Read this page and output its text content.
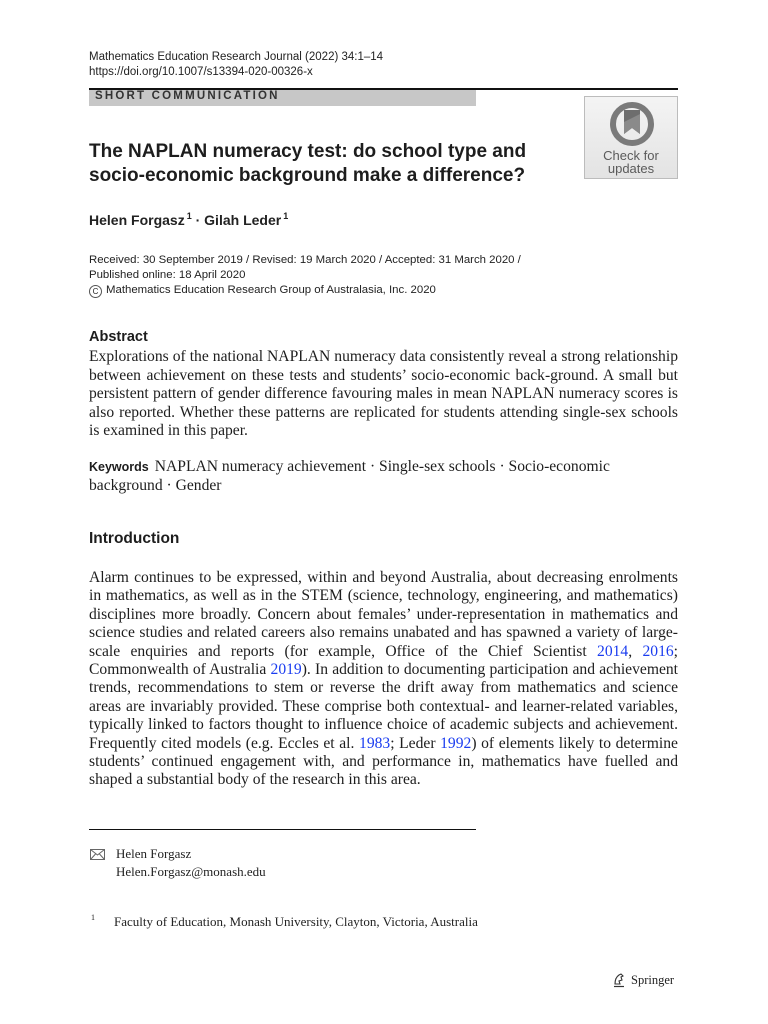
Mathematics Education Research Journal (2022) 34:1–14
https://doi.org/10.1007/s13394-020-00326-x
SHORT COMMUNICATION
Check for
updates
The NAPLAN numeracy test: do school type and socio-economic background make a difference?
Helen Forgasz $^1$ · Gilah Leder $^1$
Received: 30 September 2019 / Revised: 19 March 2020 / Accepted: 31 March 2020 /
Published online: 18 April 2020
C Mathematics Education Research Group of Australasia, Inc. 2020
Abstract
Explorations of the national NAPLAN numeracy data consistently reveal a strong relationship between achievement on these tests and students’ socio-economic back-ground. A small but persistent pattern of gender difference favouring males in mean NAPLAN numeracy scores is also reported. Whether these patterns are replicated for students attending single-sex schools is examined in this paper.
Keywords NAPLAN numeracy achievement · Single-sex schools · Socio-economic background · Gender
Introduction
Alarm continues to be expressed, within and beyond Australia, about decreasing enrolments in mathematics, as well as in the STEM (science, technology, engineering, and mathematics) disciplines more broadly. Concern about females’ under-representation in mathematics and science studies and related careers also remains unabated and has spawned a variety of large-scale enquiries and reports (for example, Office of the Chief Scientist 2014, 2016; Commonwealth of Australia 2019). In addition to documenting participation and achievement trends, recommendations to stem or reverse the drift away from mathematics and science areas are invariably provided. These comprise both contextual- and learner-related variables, typically linked to factors thought to influence choice of academic subjects and achievement. Frequently cited models (e.g. Eccles et al. 1983; Leder 1992) of elements likely to determine students’ continued engagement with, and performance in, mathematics have fuelled and shaped a substantial body of the research in this area.
Helen Forgasz
Helen.Forgasz@monash.edu
1 Faculty of Education, Monash University, Clayton, Victoria, Australia
Springer
